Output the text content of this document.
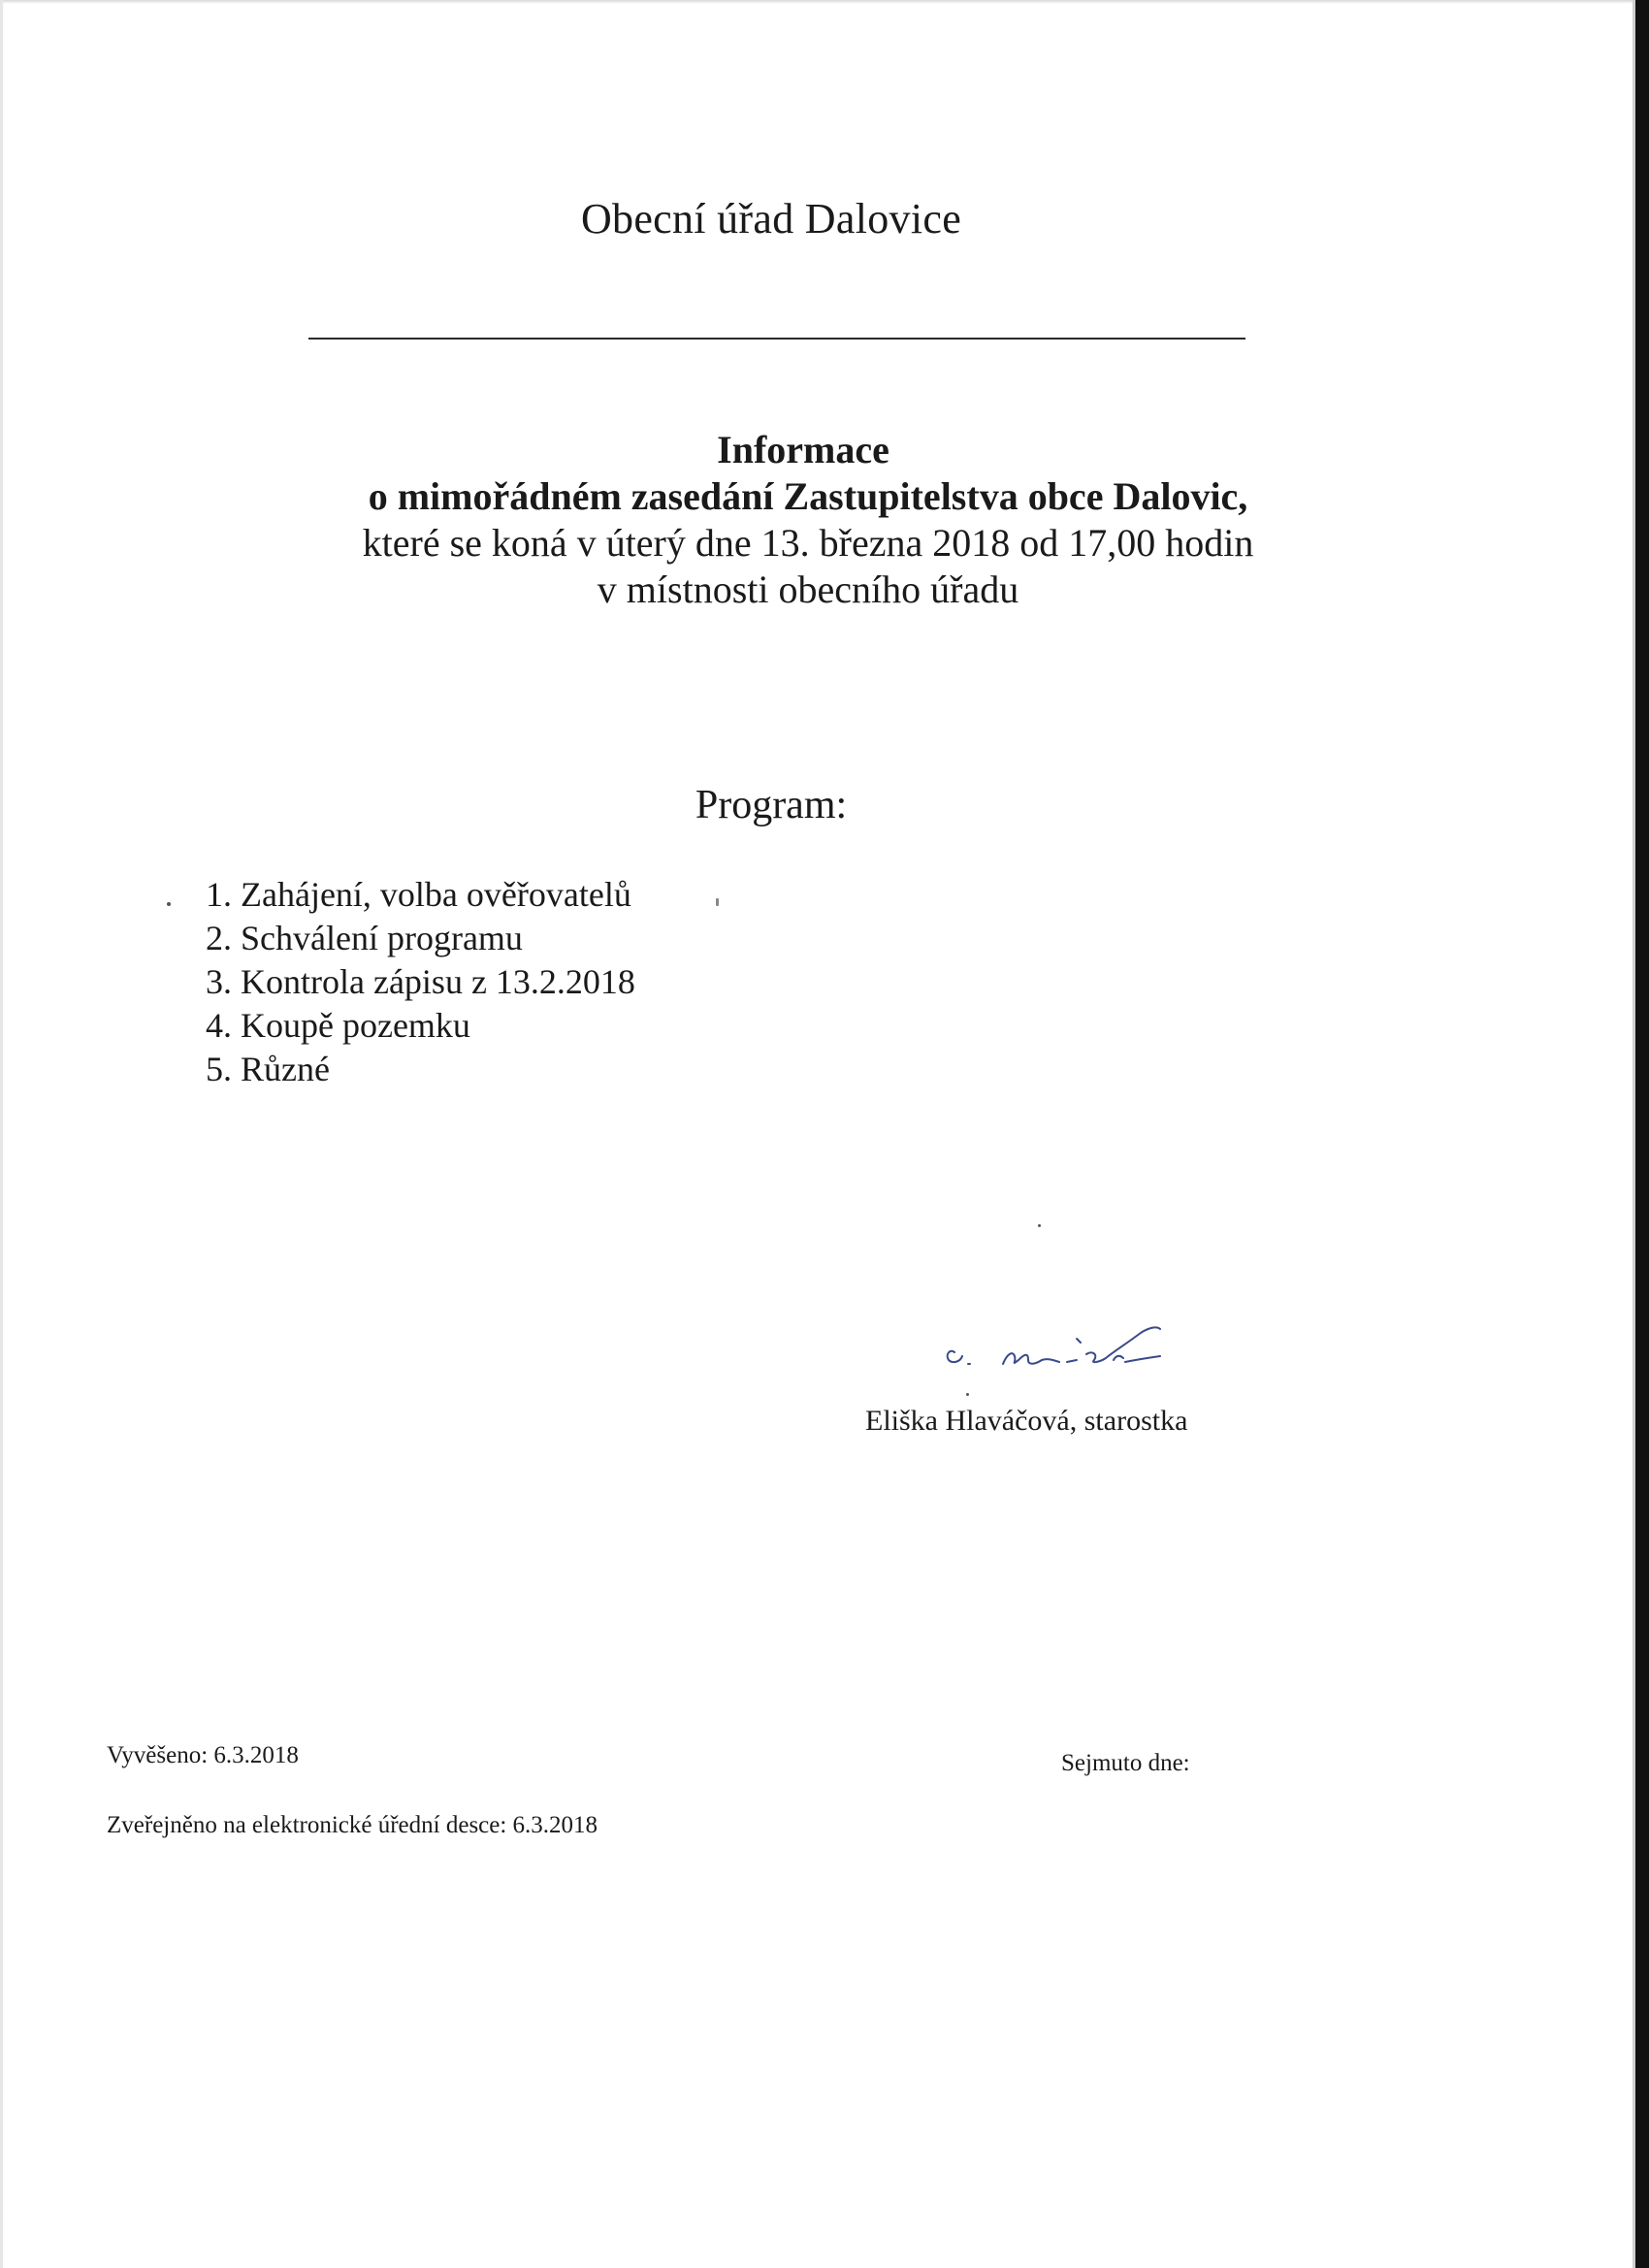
Obecní úřad Dalovice
Informace
o mimořádném zasedání Zastupitelstva obce Dalovic,
které se koná v úterý dne 13. března 2018 od 17,00 hodin
v místnosti obecního úřadu
Program:
1. Zahájení, volba ověřovatelů
2. Schválení programu
3. Kontrola zápisu z 13.2.2018
4. Koupě pozemku
5. Různé
Eliška Hlaváčová, starostka
Vyvěšeno: 6.3.2018	Sejmuto dne:
Zveřejněno na elektronické úřední desce: 6.3.2018
